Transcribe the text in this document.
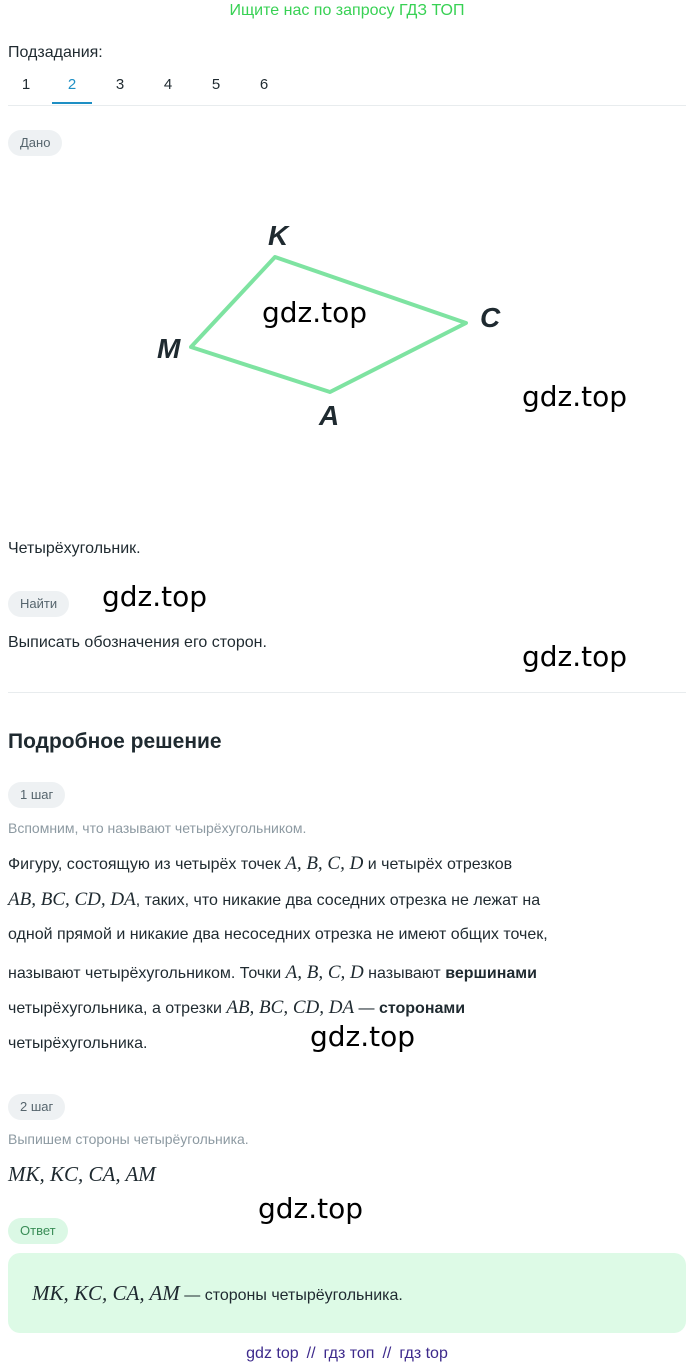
Ищите нас по запросу ГДЗ ТОП
Подзадания:
1	2	3	4	5	6
Дано
K
C
A
M
Четырёхугольник.
Найти
Выписать обозначения его сторон.
Подробное решение
1 шаг
Вспомним, что называют четырёхугольником.
Фигуру, состоящую из четырёх точек A, B, C, D и четырёх отрезков
AB, BC, CD, DA, таких, что никакие два соседних отрезка не лежат на
одной прямой и никакие два несоседних отрезка не имеют общих точек,
называют четырёхугольником. Точки A, B, C, D называют вершинами
четырёхугольника, а отрезки AB, BC, CD, DA — сторонами
четырёхугольника.
2 шаг
Выпишем стороны четырёугольника.
MK, KC, CA, AM
Ответ
MK, KC, CA, AM — стороны четырёугольника.
gdz.top
gdz.top
gdz.top
gdz.top
gdz.top
gdz.top
gdz top // гдз топ // гдз top
